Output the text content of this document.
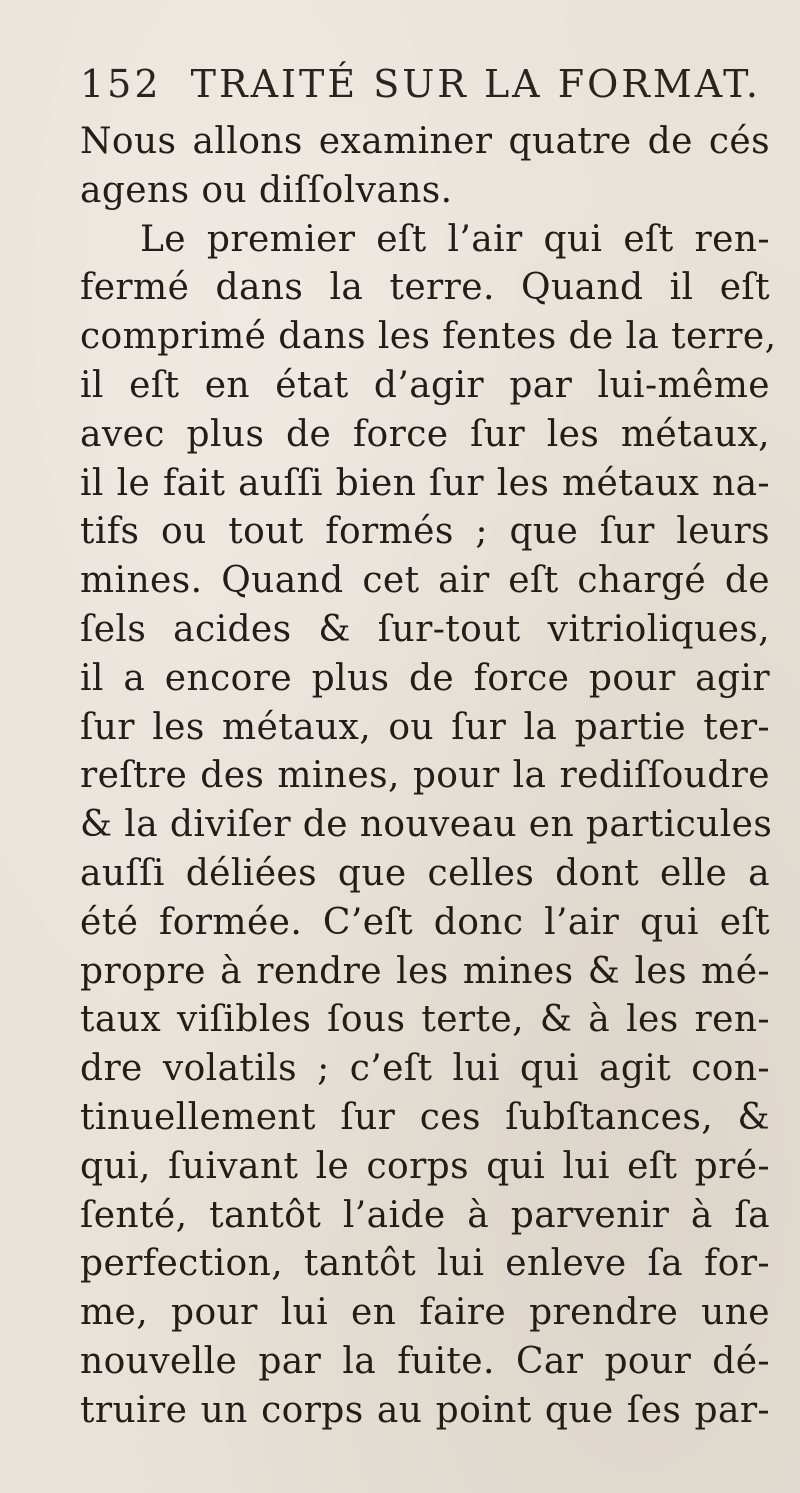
152 TRAITÉ SUR LA FORMAT.
Nous allons examiner quatre de cés
agens ou diſſolvans.
Le premier eſt l’air qui eſt ren-
fermé dans la terre. Quand il eſt
comprimé dans les fentes de la terre,
il eſt en état d’agir par lui-même
avec plus de force ſur les métaux,
il le fait auſſi bien ſur les métaux na-
tifs ou tout formés ; que ſur leurs
mines. Quand cet air eſt chargé de
ſels acides & ſur-tout vitrioliques,
il a encore plus de force pour agir
ſur les métaux, ou ſur la partie ter-
reſtre des mines, pour la rediſſoudre
& la diviſer de nouveau en particules
auſſi déliées que celles dont elle a
été formée. C’eſt donc l’air qui eſt
propre à rendre les mines & les mé-
taux viſibles ſous terte, & à les ren-
dre volatils ; c’eſt lui qui agit con-
tinuellement ſur ces ſubſtances, &
qui, ſuivant le corps qui lui eſt pré-
ſenté, tantôt l’aide à parvenir à ſa
perfection, tantôt lui enleve ſa for-
me, pour lui en faire prendre une
nouvelle par la fuite. Car pour dé-
truire un corps au point que ſes par-
